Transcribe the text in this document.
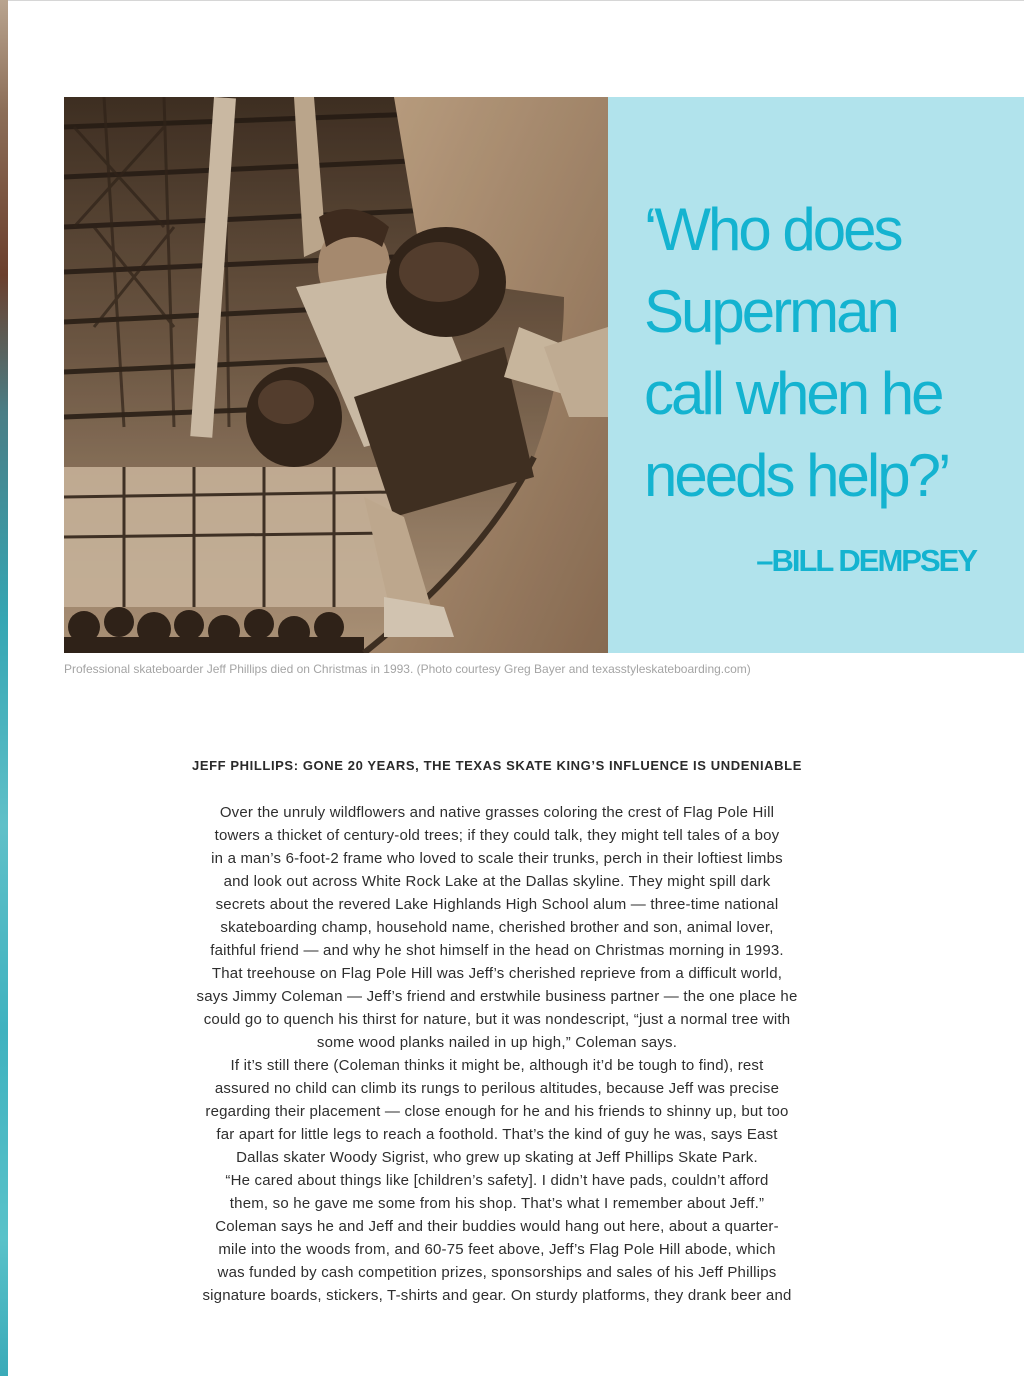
‘Who does
Superman
call when he
needs help?’
–BILL DEMPSEY
Professional skateboarder Jeff Phillips died on Christmas in 1993. (Photo courtesy Greg Bayer and texasstyleskateboarding.com)
JEFF PHILLIPS: GONE 20 YEARS, THE TEXAS SKATE KING’S INFLUENCE IS UNDENIABLE
Over the unruly wildflowers and native grasses coloring the crest of Flag Pole Hill
towers a thicket of century-old trees; if they could talk, they might tell tales of a boy
in a man’s 6-foot-2 frame who loved to scale their trunks, perch in their loftiest limbs
and look out across White Rock Lake at the Dallas skyline. They might spill dark
secrets about the revered Lake Highlands High School alum — three-time national
skateboarding champ, household name, cherished brother and son, animal lover,
faithful friend — and why he shot himself in the head on Christmas morning in 1993.
That treehouse on Flag Pole Hill was Jeff’s cherished reprieve from a difficult world,
says Jimmy Coleman — Jeff’s friend and erstwhile business partner — the one place he
could go to quench his thirst for nature, but it was nondescript, “just a normal tree with
some wood planks nailed in up high,” Coleman says.
If it’s still there (Coleman thinks it might be, although it’d be tough to find), rest
assured no child can climb its rungs to perilous altitudes, because Jeff was precise
regarding their placement — close enough for he and his friends to shinny up, but too
far apart for little legs to reach a foothold. That’s the kind of guy he was, says East
Dallas skater Woody Sigrist, who grew up skating at Jeff Phillips Skate Park.
“He cared about things like [children’s safety]. I didn’t have pads, couldn’t afford
them, so he gave me some from his shop. That’s what I remember about Jeff.”
Coleman says he and Jeff and their buddies would hang out here, about a quarter-
mile into the woods from, and 60-75 feet above, Jeff’s Flag Pole Hill abode, which
was funded by cash competition prizes, sponsorships and sales of his Jeff Phillips
signature boards, stickers, T-shirts and gear. On sturdy platforms, they drank beer and
